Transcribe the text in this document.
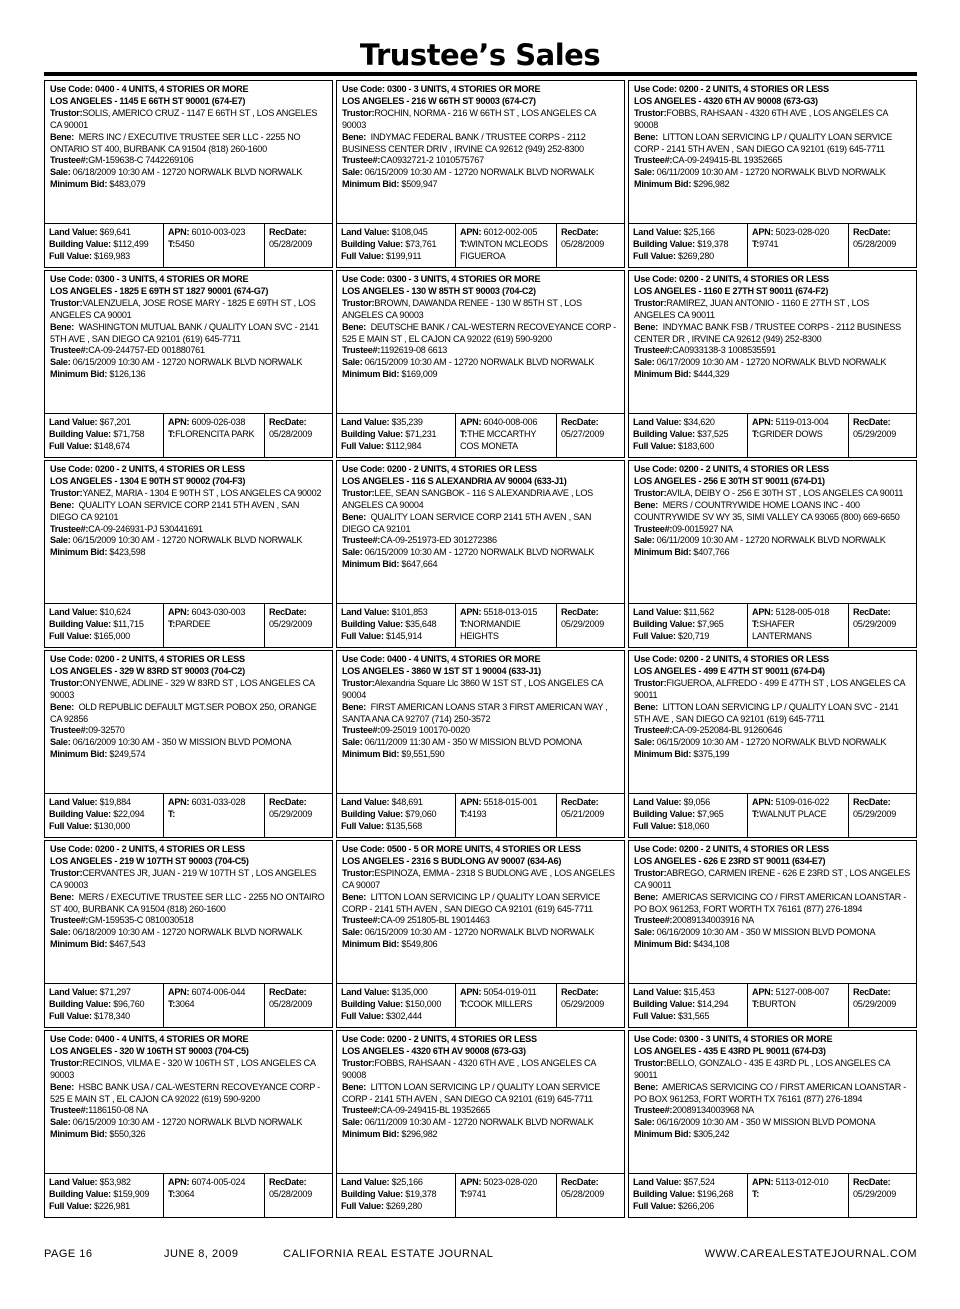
Trustee’s Sales
Use Code: 0400 - 4 UNITS, 4 STORIES OR MORE
LOS ANGELES - 1145 E 66TH ST 90001 (674-E7)
Trustor:SOLIS, AMERICO CRUZ - 1147 E 66TH ST , LOS ANGELES CA 90001
Bene: MERS INC / EXECUTIVE TRUSTEE SER LLC - 2255 NO ONTARIO ST 400, BURBANK CA 91504 (818) 260-1600
Trustee#:GM-159638-C 7442269106
Sale: 06/18/2009 10:30 AM - 12720 NORWALK BLVD NORWALK
Minimum Bid: $483,079
Land Value: $69,641
Building Value: $112,499
Full Value: $169,983
APN: 6010-003-023
T:5450
RecDate:
05/28/2009
Use Code: 0300 - 3 UNITS, 4 STORIES OR MORE
LOS ANGELES - 216 W 66TH ST 90003 (674-C7)
Trustor:ROCHIN, NORMA - 216 W 66TH ST , LOS ANGELES CA 90003
Bene: INDYMAC FEDERAL BANK / TRUSTEE CORPS - 2112 BUSINESS CENTER DRIV , IRVINE CA 92612 (949) 252-8300
Trustee#:CA0932721-2 1010575767
Sale: 06/15/2009 10:30 AM - 12720 NORWALK BLVD NORWALK
Minimum Bid: $509,947
Land Value: $108,045
Building Value: $73,761
Full Value: $199,911
APN: 6012-002-005
T:WINTON MCLEODS FIGUEROA
RecDate:
05/28/2009
Use Code: 0200 - 2 UNITS, 4 STORIES OR LESS
LOS ANGELES - 4320 6TH AV 90008 (673-G3)
Trustor:FOBBS, RAHSAAN - 4320 6TH AVE , LOS ANGELES CA 90008
Bene: LITTON LOAN SERVICING LP / QUALITY LOAN SERVICE CORP - 2141 5TH AVEN , SAN DIEGO CA 92101 (619) 645-7711
Trustee#:CA-09-249415-BL 19352665
Sale: 06/11/2009 10:30 AM - 12720 NORWALK BLVD NORWALK
Minimum Bid: $296,982
Land Value: $25,166
Building Value: $19,378
Full Value: $269,280
APN: 5023-028-020
T:9741
RecDate:
05/28/2009
Use Code: 0300 - 3 UNITS, 4 STORIES OR MORE
LOS ANGELES - 1825 E 69TH ST 1827 90001 (674-G7)
Trustor:VALENZUELA, JOSE ROSE MARY - 1825 E 69TH ST , LOS ANGELES CA 90001
Bene: WASHINGTON MUTUAL BANK / QUALITY LOAN SVC - 2141 5TH AVE , SAN DIEGO CA 92101 (619) 645-7711
Trustee#:CA-09-244757-ED 001880761
Sale: 06/15/2009 10:30 AM - 12720 NORWALK BLVD NORWALK
Minimum Bid: $126,136
Land Value: $67,201
Building Value: $71,758
Full Value: $148,674
APN: 6009-026-038
T:FLORENCITA PARK
RecDate:
05/28/2009
Use Code: 0300 - 3 UNITS, 4 STORIES OR MORE
LOS ANGELES - 130 W 85TH ST 90003 (704-C2)
Trustor:BROWN, DAWANDA RENEE - 130 W 85TH ST , LOS ANGELES CA 90003
Bene: DEUTSCHE BANK / CAL-WESTERN RECOVEYANCE CORP - 525 E MAIN ST , EL CAJON CA 92022 (619) 590-9200
Trustee#:1192619-08 6613
Sale: 06/15/2009 10:30 AM - 12720 NORWALK BLVD NORWALK
Minimum Bid: $169,009
Land Value: $35,239
Building Value: $71,231
Full Value: $112,984
APN: 6040-008-006
T:THE MCCARTHY COS MONETA
RecDate:
05/27/2009
Use Code: 0200 - 2 UNITS, 4 STORIES OR LESS
LOS ANGELES - 1160 E 27TH ST 90011 (674-F2)
Trustor:RAMIREZ, JUAN ANTONIO - 1160 E 27TH ST , LOS ANGELES CA 90011
Bene: INDYMAC BANK FSB / TRUSTEE CORPS - 2112 BUSINESS CENTER DR , IRVINE CA 92612 (949) 252-8300
Trustee#:CA0933138-3 1008535591
Sale: 06/17/2009 10:30 AM - 12720 NORWALK BLVD NORWALK
Minimum Bid: $444,329
Land Value: $34,620
Building Value: $37,525
Full Value: $183,600
APN: 5119-013-004
T:GRIDER DOWS
RecDate:
05/29/2009
Use Code: 0200 - 2 UNITS, 4 STORIES OR LESS
LOS ANGELES - 1304 E 90TH ST 90002 (704-F3)
Trustor:YANEZ, MARIA - 1304 E 90TH ST , LOS ANGELES CA 90002
Bene: QUALITY LOAN SERVICE CORP 2141 5TH AVEN , SAN DIEGO CA 92101
Trustee#:CA-09-246931-PJ 530441691
Sale: 06/15/2009 10:30 AM - 12720 NORWALK BLVD NORWALK
Minimum Bid: $423,598
Land Value: $10,624
Building Value: $11,715
Full Value: $165,000
APN: 6043-030-003
T:PARDEE
RecDate:
05/29/2009
Use Code: 0200 - 2 UNITS, 4 STORIES OR LESS
LOS ANGELES - 116 S ALEXANDRIA AV 90004 (633-J1)
Trustor:LEE, SEAN SANGBOK - 116 S ALEXANDRIA AVE , LOS ANGELES CA 90004
Bene: QUALITY LOAN SERVICE CORP 2141 5TH AVEN , SAN DIEGO CA 92101
Trustee#:CA-09-251973-ED 301272386
Sale: 06/15/2009 10:30 AM - 12720 NORWALK BLVD NORWALK
Minimum Bid: $647,664
Land Value: $101,853
Building Value: $35,648
Full Value: $145,914
APN: 5518-013-015
T:NORMANDIE HEIGHTS
RecDate:
05/29/2009
Use Code: 0200 - 2 UNITS, 4 STORIES OR LESS
LOS ANGELES - 256 E 30TH ST 90011 (674-D1)
Trustor:AVILA, DEIBY O - 256 E 30TH ST , LOS ANGELES CA 90011
Bene: MERS / COUNTRYWIDE HOME LOANS INC - 400 COUNTRYWIDE SV WY 35, SIMI VALLEY CA 93065 (800) 669-6650
Trustee#:09-0015927 NA
Sale: 06/11/2009 10:30 AM - 12720 NORWALK BLVD NORWALK
Minimum Bid: $407,766
Land Value: $11,562
Building Value: $7,965
Full Value: $20,719
APN: 5128-005-018
T:SHAFER LANTERMANS
RecDate:
05/29/2009
Use Code: 0200 - 2 UNITS, 4 STORIES OR LESS
LOS ANGELES - 329 W 83RD ST 90003 (704-C2)
Trustor:ONYENWE, ADLINE - 329 W 83RD ST , LOS ANGELES CA 90003
Bene: OLD REPUBLIC DEFAULT MGT.SER POBOX 250, ORANGE CA 92856
Trustee#:09-32570
Sale: 06/16/2009 10:30 AM - 350 W MISSION BLVD POMONA
Minimum Bid: $249,574
Land Value: $19,884
Building Value: $22,094
Full Value: $130,000
APN: 6031-033-028
T:
RecDate:
05/29/2009
Use Code: 0400 - 4 UNITS, 4 STORIES OR MORE
LOS ANGELES - 3860 W 1ST ST 1 90004 (633-J1)
Trustor:Alexandria Square Llc 3860 W 1ST ST , LOS ANGELES CA 90004
Bene: FIRST AMERICAN LOANS STAR 3 FIRST AMERICAN WAY , SANTA ANA CA 92707 (714) 250-3572
Trustee#:09-25019 100170-0020
Sale: 06/11/2009 11:30 AM - 350 W MISSION BLVD POMONA
Minimum Bid: $9,551,590
Land Value: $48,691
Building Value: $79,060
Full Value: $135,568
APN: 5518-015-001
T:4193
RecDate:
05/21/2009
Use Code: 0200 - 2 UNITS, 4 STORIES OR LESS
LOS ANGELES - 499 E 47TH ST 90011 (674-D4)
Trustor:FIGUEROA, ALFREDO - 499 E 47TH ST , LOS ANGELES CA 90011
Bene: LITTON LOAN SERVICING LP / QUALITY LOAN SVC - 2141 5TH AVE , SAN DIEGO CA 92101 (619) 645-7711
Trustee#:CA-09-252084-BL 91260646
Sale: 06/15/2009 10:30 AM - 12720 NORWALK BLVD NORWALK
Minimum Bid: $375,199
Land Value: $9,056
Building Value: $7,965
Full Value: $18,060
APN: 5109-016-022
T:WALNUT PLACE
RecDate:
05/29/2009
Use Code: 0200 - 2 UNITS, 4 STORIES OR LESS
LOS ANGELES - 219 W 107TH ST 90003 (704-C5)
Trustor:CERVANTES JR, JUAN - 219 W 107TH ST , LOS ANGELES CA 90003
Bene: MERS / EXECUTIVE TRUSTEE SER LLC - 2255 NO ONTAIRO ST 400, BURBANK CA 91504 (818) 260-1600
Trustee#:GM-159535-C 0810030518
Sale: 06/18/2009 10:30 AM - 12720 NORWALK BLVD NORWALK
Minimum Bid: $467,543
Land Value: $71,297
Building Value: $96,760
Full Value: $178,340
APN: 6074-006-044
T:3064
RecDate:
05/28/2009
Use Code: 0500 - 5 OR MORE UNITS, 4 STORIES OR LESS
LOS ANGELES - 2316 S BUDLONG AV 90007 (634-A6)
Trustor:ESPINOZA, EMMA - 2318 S BUDLONG AVE , LOS ANGELES CA 90007
Bene: LITTON LOAN SERVICING LP / QUALITY LOAN SERVICE CORP - 2141 5TH AVEN , SAN DIEGO CA 92101 (619) 645-7711
Trustee#:CA-09 251805-BL 19014463
Sale: 06/15/2009 10:30 AM - 12720 NORWALK BLVD NORWALK
Minimum Bid: $549,806
Land Value: $135,000
Building Value: $150,000
Full Value: $302,444
APN: 5054-019-011
T:COOK MILLERS
RecDate:
05/29/2009
Use Code: 0200 - 2 UNITS, 4 STORIES OR LESS
LOS ANGELES - 626 E 23RD ST 90011 (634-E7)
Trustor:ABREGO, CARMEN IRENE - 626 E 23RD ST , LOS ANGELES CA 90011
Bene: AMERICAS SERVICING CO / FIRST AMERICAN LOANSTAR - PO BOX 961253, FORT WORTH TX 76161 (877) 276-1894
Trustee#:20089134003916 NA
Sale: 06/16/2009 10:30 AM - 350 W MISSION BLVD POMONA
Minimum Bid: $434,108
Land Value: $15,453
Building Value: $14,294
Full Value: $31,565
APN: 5127-008-007
T:BURTON
RecDate:
05/29/2009
Use Code: 0400 - 4 UNITS, 4 STORIES OR MORE
LOS ANGELES - 320 W 106TH ST 90003 (704-C5)
Trustor:RECINOS, VILMA E - 320 W 106TH ST , LOS ANGELES CA 90003
Bene: HSBC BANK USA / CAL-WESTERN RECOVEYANCE CORP - 525 E MAIN ST , EL CAJON CA 92022 (619) 590-9200
Trustee#:1186150-08 NA
Sale: 06/15/2009 10:30 AM - 12720 NORWALK BLVD NORWALK
Minimum Bid: $550,326
Land Value: $53,982
Building Value: $159,909
Full Value: $226,981
APN: 6074-005-024
T:3064
RecDate:
05/28/2009
Use Code: 0200 - 2 UNITS, 4 STORIES OR LESS
LOS ANGELES - 4320 6TH AV 90008 (673-G3)
Trustor:FOBBS, RAHSAAN - 4320 6TH AVE , LOS ANGELES CA 90008
Bene: LITTON LOAN SERVICING LP / QUALITY LOAN SERVICE CORP - 2141 5TH AVEN , SAN DIEGO CA 92101 (619) 645-7711
Trustee#:CA-09-249415-BL 19352665
Sale: 06/11/2009 10:30 AM - 12720 NORWALK BLVD NORWALK
Minimum Bid: $296,982
Land Value: $25,166
Building Value: $19,378
Full Value: $269,280
APN: 5023-028-020
T:9741
RecDate:
05/28/2009
Use Code: 0300 - 3 UNITS, 4 STORIES OR MORE
LOS ANGELES - 435 E 43RD PL 90011 (674-D3)
Trustor:BELLO, GONZALO - 435 E 43RD PL , LOS ANGELES CA 90011
Bene: AMERICAS SERVICING CO / FIRST AMERICAN LOANSTAR - PO BOX 961253, FORT WORTH TX 76161 (877) 276-1894
Trustee#:20089134003968 NA
Sale: 06/16/2009 10:30 AM - 350 W MISSION BLVD POMONA
Minimum Bid: $305,242
Land Value: $57,524
Building Value: $196,268
Full Value: $266,206
APN: 5113-012-010
T:
RecDate:
05/29/2009
PAGE 16	JUNE 8, 2009	CALIFORNIA REAL ESTATE JOURNAL	WWW.CAREALESTATEJOURNAL.COM
